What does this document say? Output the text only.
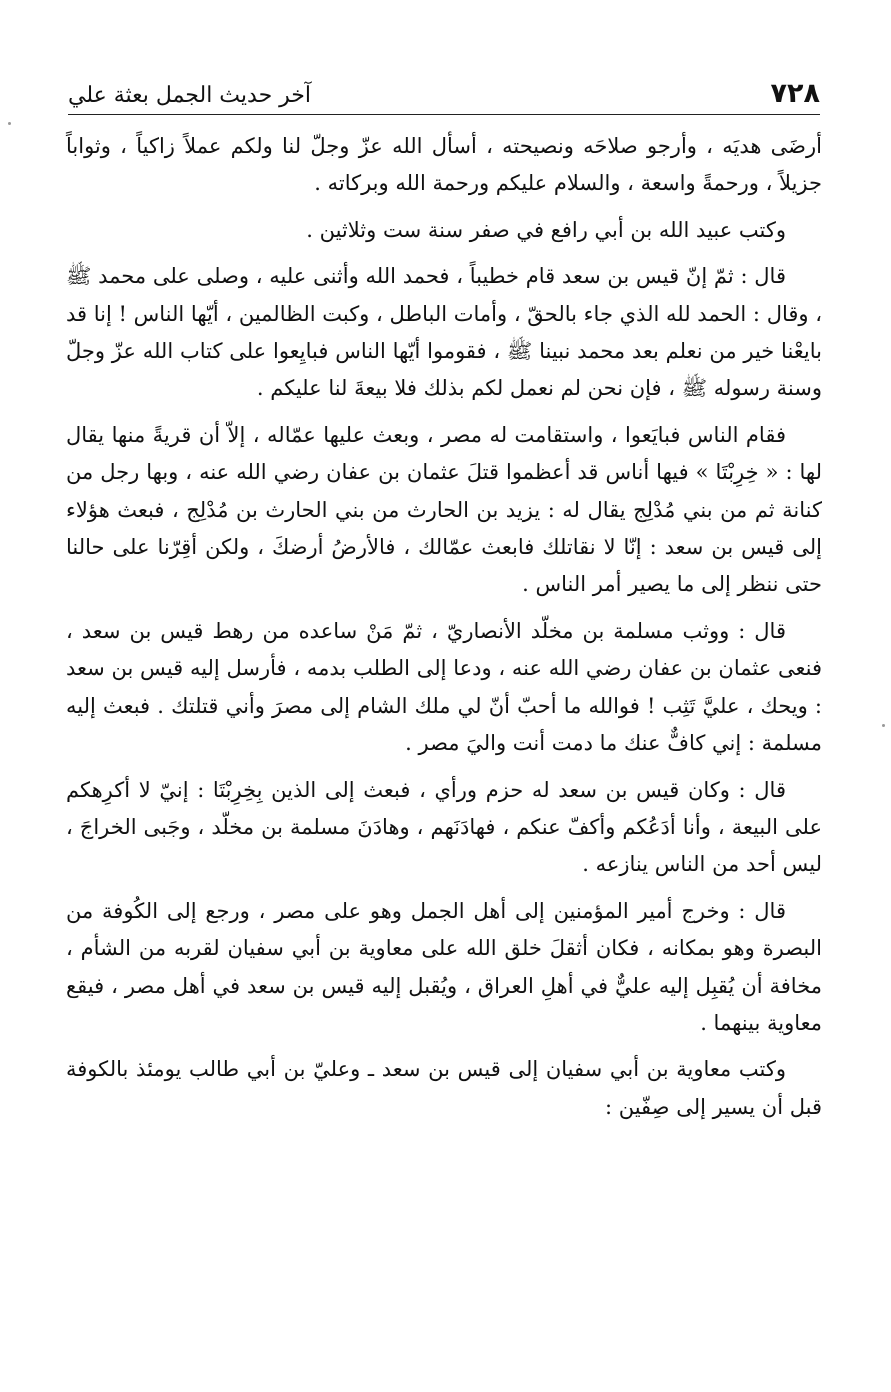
٧٢٨
آخر حديث الجمل بعثة علي

أرضَى هديَه ، وأرجو صلاحَه ونصيحته ، أسأل الله عزّ وجلّ لنا ولكم عملاً زاكياً ، وثواباً جزيلاً ، ورحمةً واسعة ، والسلام عليكم ورحمة الله وبركاته .

وكتب عبيد الله بن أبي رافع في صفر سنة ست وثلاثين .

قال : ثمّ إنّ قيس بن سعد قام خطيباً ، فحمد الله وأثنى عليه ، وصلى على محمد ﷺ ، وقال : الحمد لله الذي جاء بالحقّ ، وأمات الباطل ، وكبت الظالمين ، أيّها الناس ! إنا قد بايعْنا خير من نعلم بعد محمد نبينا ﷺ ، فقوموا أيّها الناس فبايِعوا على كتاب الله عزّ وجلّ وسنة رسوله ﷺ ، فإن نحن لم نعمل لكم بذلك فلا بيعةَ لنا عليكم .

فقام الناس فبايَعوا ، واستقامت له مصر ، وبعث عليها عمّاله ، إلاّ أن قريةً منها يقال لها : « خِرِبْتَا » فيها أناس قد أعظموا قتلَ عثمان بن عفان رضي الله عنه ، وبها رجل من كنانة ثم من بني مُدْلِج يقال له : يزيد بن الحارث من بني الحارث بن مُدْلِج ، فبعث هؤلاء إلى قيس بن سعد : إنّا لا نقاتلك فابعث عمّالك ، فالأرضُ أرضكَ ، ولكن أقِرّنا على حالنا حتى ننظر إلى ما يصير أمر الناس .

قال : ووثب مسلمة بن مخلّد الأنصاريّ ، ثمّ مَنْ ساعده من رهط قيس بن سعد ، فنعى عثمان بن عفان رضي الله عنه ، ودعا إلى الطلب بدمه ، فأرسل إليه قيس بن سعد : ويحك ، عليَّ تَثِب ! فوالله ما أحبّ أنّ لي ملك الشام إلى مصرَ وأني قتلتك . فبعث إليه مسلمة : إني كافٌّ عنك ما دمت أنت واليَ مصر .

قال : وكان قيس بن سعد له حزم ورأي ، فبعث إلى الذين بِخِرِبْتَا : إنيّ لا أكرِهكم على البيعة ، وأنا أدَعُكم وأكفّ عنكم ، فهادَنَهم ، وهادَنَ مسلمة بن مخلّد ، وجَبى الخراجَ ، ليس أحد من الناس ينازعه .

قال : وخرج أمير المؤمنين إلى أهل الجمل وهو على مصر ، ورجع إلى الكُوفة من البصرة وهو بمكانه ، فكان أثقلَ خلق الله على معاوية بن أبي سفيان لقربه من الشأم ، مخافة أن يُقبِل إليه عليٌّ في أهلِ العراق ، ويُقبل إليه قيس بن سعد في أهل مصر ، فيقع معاوية بينهما .

وكتب معاوية بن أبي سفيان إلى قيس بن سعد ـ وعليّ بن أبي طالب يومئذ بالكوفة قبل أن يسير إلى صِفّين :
